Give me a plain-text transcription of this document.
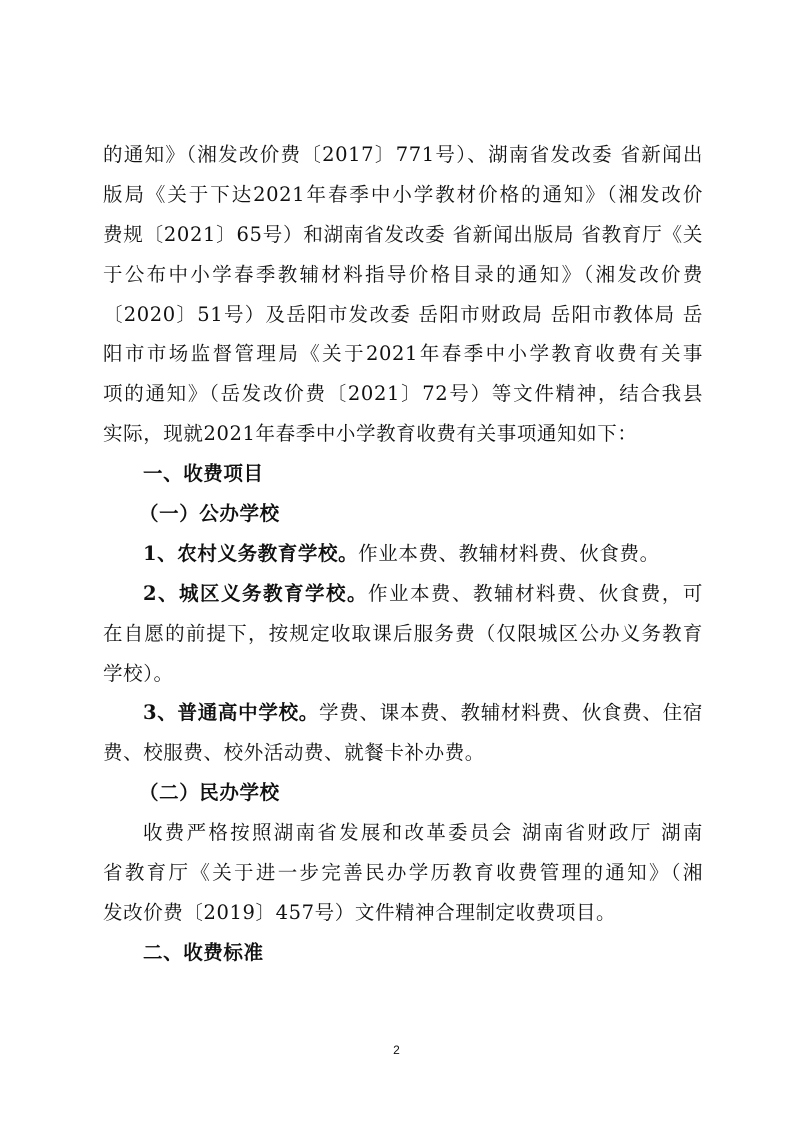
的通知》（湘发改价费〔2017〕771号）、湖南省发改委 省新闻出
版局《关于下达2021年春季中小学教材价格的通知》（湘发改价
费规〔2021〕65号）和湖南省发改委 省新闻出版局 省教育厅《关
于公布中小学春季教辅材料指导价格目录的通知》（湘发改价费
〔2020〕51号）及岳阳市发改委 岳阳市财政局 岳阳市教体局 岳
阳市市场监督管理局《关于2021年春季中小学教育收费有关事
项的通知》（岳发改价费〔2021〕72号）等文件精神，结合我县
实际，现就2021年春季中小学教育收费有关事项通知如下：
一、收费项目
（一）公办学校
1、农村义务教育学校。作业本费、教辅材料费、伙食费。
2、城区义务教育学校。作业本费、教辅材料费、伙食费，可
在自愿的前提下，按规定收取课后服务费（仅限城区公办义务教育
学校）。
3、普通高中学校。学费、课本费、教辅材料费、伙食费、住宿
费、校服费、校外活动费、就餐卡补办费。
（二）民办学校
收费严格按照湖南省发展和改革委员会 湖南省财政厅 湖南
省教育厅《关于进一步完善民办学历教育收费管理的通知》（湘
发改价费〔2019〕457号）文件精神合理制定收费项目。
二、收费标准
2
